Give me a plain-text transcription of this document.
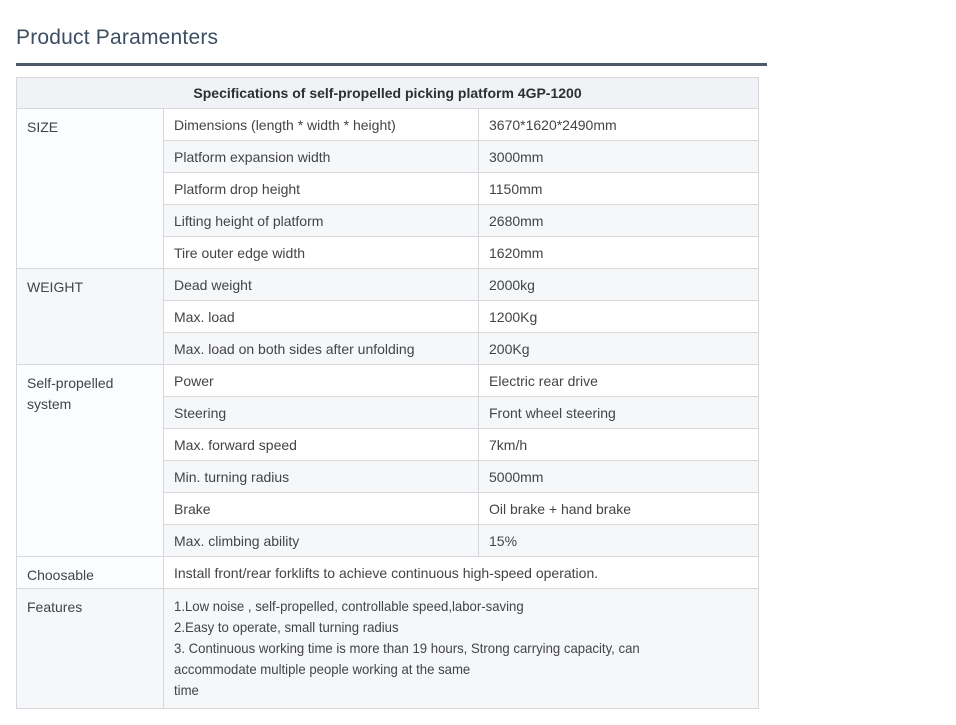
Product Paramenters
Specifications of self-propelled picking platform 4GP-1200		
SIZE	Dimensions (length * width * height)	3670*1620*2490mm
	Platform expansion width	3000mm
	Platform drop height	1150mm
	Lifting height of platform	2680mm
	Tire outer edge width	1620mm
WEIGHT	Dead weight	2000kg
	Max. load	1200Kg
	Max. load on both sides after unfolding	200Kg
Self-propelled system	Power	Electric rear drive
	Steering	Front wheel steering
	Max. forward speed	7km/h
	Min. turning radius	5000mm
	Brake	Oil brake + hand brake
	Max. climbing ability	15%
Choosable	Install front/rear forklifts to achieve continuous high-speed operation.	
Features	1.Low noise , self-propelled, controllable speed,labor-saving
2.Easy to operate, small turning radius
3. Continuous working time is more than 19 hours, Strong carrying capacity, can
accommodate multiple people working at the same
time	
